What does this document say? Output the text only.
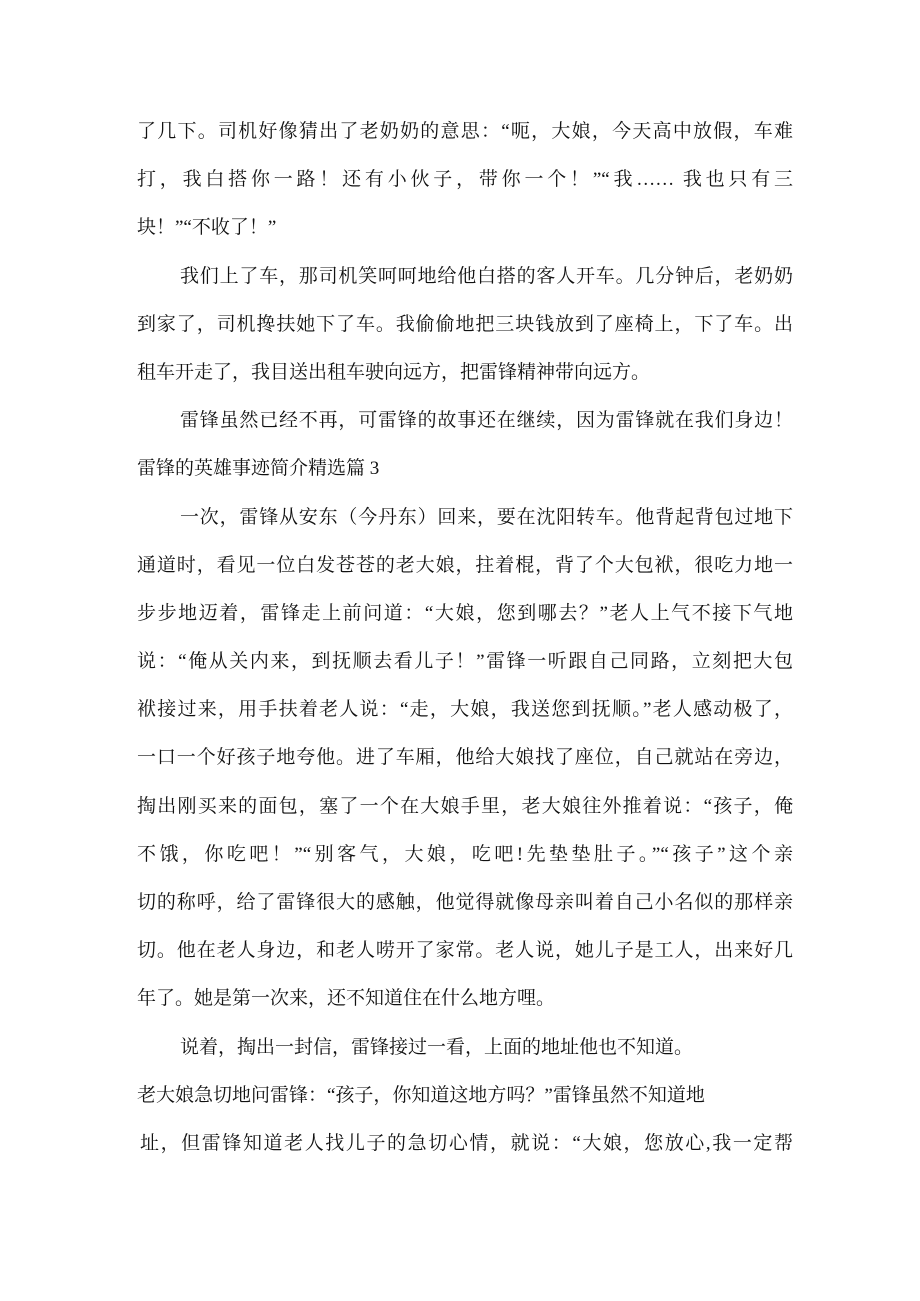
了几下。司机好像猜出了老奶奶的意思：“呃，大娘，今天高中放假，车难
打，我白搭你一路！还有小伙子，带你一个！”“我…… 我也只有三
块！”“不收了！”
我们上了车，那司机笑呵呵地给他白搭的客人开车。几分钟后，老奶奶
到家了，司机搀扶她下了车。我偷偷地把三块钱放到了座椅上，下了车。出
租车开走了，我目送出租车驶向远方，把雷锋精神带向远方。
雷锋虽然已经不再，可雷锋的故事还在继续，因为雷锋就在我们身边！
雷锋的英雄事迹简介精选篇 3
一次，雷锋从安东（今丹东）回来，要在沈阳转车。他背起背包过地下
通道时，看见一位白发苍苍的老大娘，拄着棍，背了个大包袱，很吃力地一
步步地迈着，雷锋走上前问道：“大娘，您到哪去？”老人上气不接下气地
说：“俺从关内来，到抚顺去看儿子！”雷锋一听跟自己同路，立刻把大包
袱接过来，用手扶着老人说：“走，大娘，我送您到抚顺。”老人感动极了，
一口一个好孩子地夸他。进了车厢，他给大娘找了座位，自己就站在旁边，
掏出刚买来的面包，塞了一个在大娘手里，老大娘往外推着说：“孩子，俺
不饿，你吃吧！”“别客气，大娘，吃吧!先垫垫肚子。”“孩子”这个亲
切的称呼，给了雷锋很大的感触，他觉得就像母亲叫着自己小名似的那样亲
切。他在老人身边，和老人唠开了家常。老人说，她儿子是工人，出来好几
年了。她是第一次来，还不知道住在什么地方哩。
说着，掏出一封信，雷锋接过一看，上面的地址他也不知道。
老大娘急切地问雷锋：“孩子，你知道这地方吗？”雷锋虽然不知道地
址，但雷锋知道老人找儿子的急切心情，就说：“大娘，您放心,我一定帮
